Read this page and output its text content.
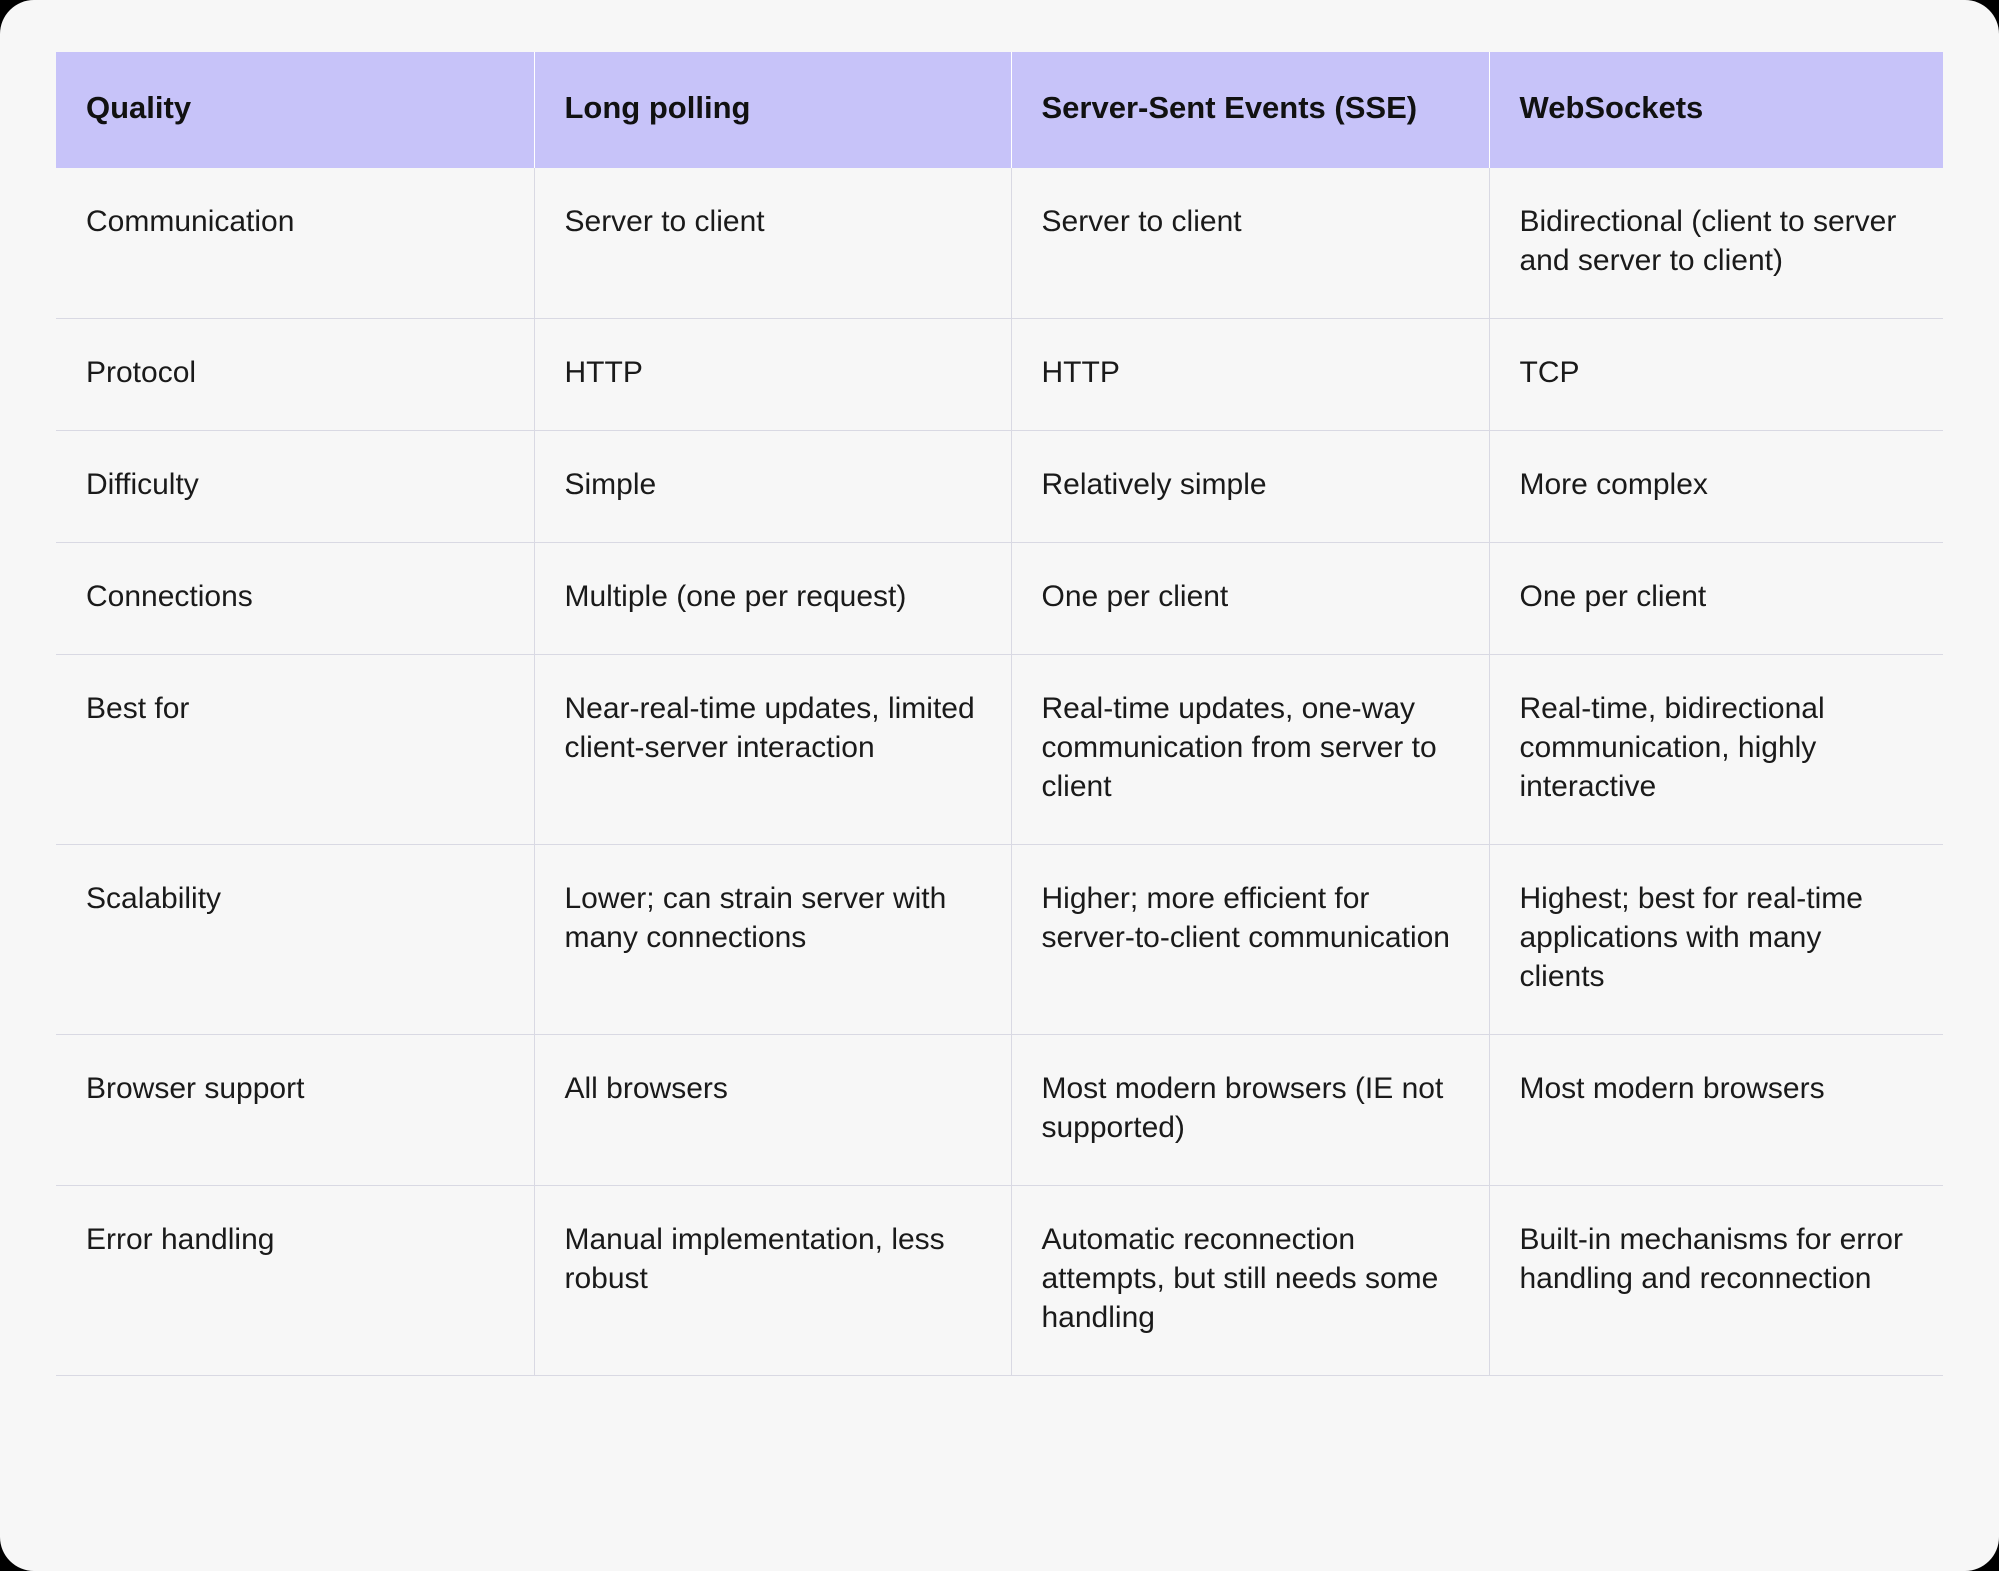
Quality	Long polling	Server-Sent Events (SSE)	WebSockets
Communication	Server to client	Server to client	Bidirectional (client to server and server to client)
Protocol	HTTP	HTTP	TCP
Difficulty	Simple	Relatively simple	More complex
Connections	Multiple (one per request)	One per client	One per client
Best for	Near-real-time updates, limited client-server interaction	Real-time updates, one-way communication from server to client	Real-time, bidirectional communication, highly interactive
Scalability	Lower; can strain server with many connections	Higher; more efficient for server-to-client communication	Highest; best for real-time applications with many clients
Browser support	All browsers	Most modern browsers (IE not supported)	Most modern browsers
Error handling	Manual implementation, less robust	Automatic reconnection attempts, but still needs some handling	Built-in mechanisms for error handling and reconnection
